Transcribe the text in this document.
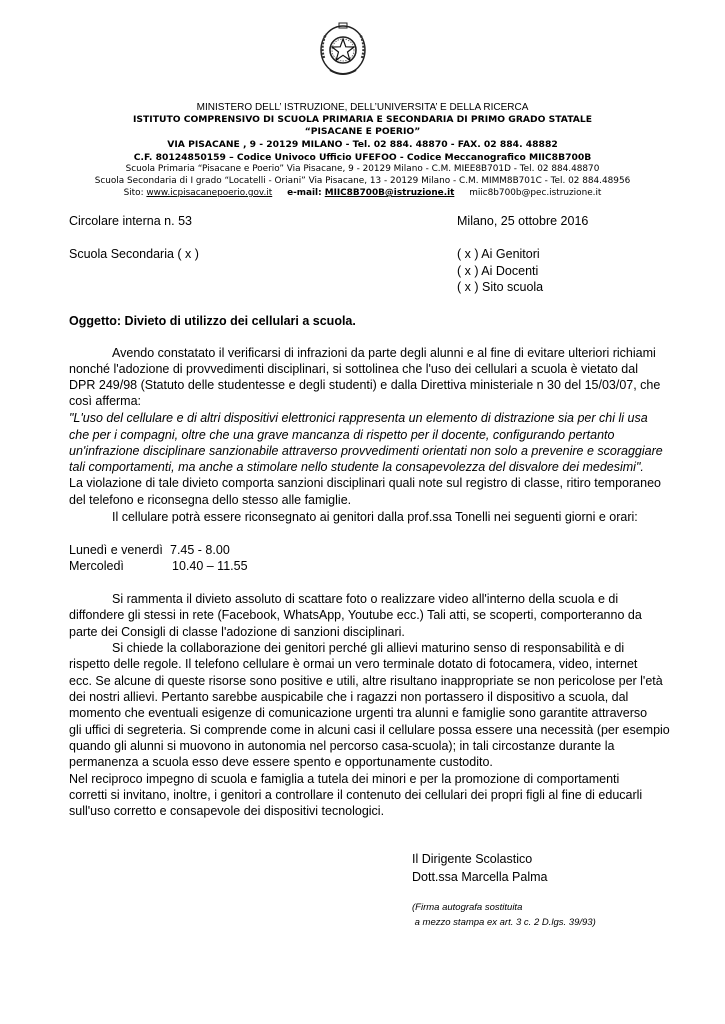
MINISTERO DELL’ ISTRUZIONE, DELL’UNIVERSITA’ E DELLA RICERCA
ISTITUTO COMPRENSIVO DI SCUOLA PRIMARIA E SECONDARIA DI PRIMO GRADO STATALE
“PISACANE E POERIO”
VIA PISACANE , 9 - 20129 MILANO - Tel. 02 884. 48870 - FAX. 02 884. 48882
C.F. 80124850159 – Codice Univoco Ufficio UFEFOO - Codice Meccanografico MIIC8B700B
Scuola Primaria “Pisacane e Poerio” Via Pisacane, 9 - 20129 Milano - C.M. MIEE8B701D - Tel. 02 884.48870
Scuola Secondaria di I grado “Locatelli - Oriani” Via Pisacane, 13 - 20129 Milano - C.M. MIMM8B701C - Tel. 02 884.48956
Sito: www.icpisacanepoerio.gov.it e-mail: MIIC8B700B@istruzione.it miic8b700b@pec.istruzione.it
Circolare interna n. 53	Milano, 25 ottobre 2016
Scuola Secondaria ( x )	( x ) Ai Genitori
( x ) Ai Docenti
( x ) Sito scuola
Oggetto: Divieto di utilizzo dei cellulari a scuola.
Avendo constatato il verificarsi di infrazioni da parte degli alunni e al fine di evitare ulteriori richiami
nonché l'adozione di provvedimenti disciplinari, si sottolinea che l'uso dei cellulari a scuola è vietato dal
DPR 249/98 (Statuto delle studentesse e degli studenti) e dalla Direttiva ministeriale n 30 del 15/03/07, che
così afferma:
"L'uso del cellulare e di altri dispositivi elettronici rappresenta un elemento di distrazione sia per chi li usa
che per i compagni, oltre che una grave mancanza di rispetto per il docente, configurando pertanto
un'infrazione disciplinare sanzionabile attraverso provvedimenti orientati non solo a prevenire e scoraggiare
tali comportamenti, ma anche a stimolare nello studente la consapevolezza del disvalore dei medesimi".
La violazione di tale divieto comporta sanzioni disciplinari quali note sul registro di classe, ritiro temporaneo
del telefono e riconsegna dello stesso alle famiglie.
Il cellulare potrà essere riconsegnato ai genitori dalla prof.ssa Tonelli nei seguenti giorni e orari:
Lunedì e venerdì 7.45 - 8.00
Mercoledì	10.40 – 11.55
Si rammenta il divieto assoluto di scattare foto o realizzare video all'interno della scuola e di
diffondere gli stessi in rete (Facebook, WhatsApp, Youtube ecc.) Tali atti, se scoperti, comporteranno da
parte dei Consigli di classe l'adozione di sanzioni disciplinari.
Si chiede la collaborazione dei genitori perché gli allievi maturino senso di responsabilità e di
rispetto delle regole. Il telefono cellulare è ormai un vero terminale dotato di fotocamera, video, internet
ecc. Se alcune di queste risorse sono positive e utili, altre risultano inappropriate se non pericolose per l'età
dei nostri allievi. Pertanto sarebbe auspicabile che i ragazzi non portassero il dispositivo a scuola, dal
momento che eventuali esigenze di comunicazione urgenti tra alunni e famiglie sono garantite attraverso
gli uffici di segreteria. Si comprende come in alcuni casi il cellulare possa essere una necessità (per esempio
quando gli alunni si muovono in autonomia nel percorso casa-scuola); in tali circostanze durante la
permanenza a scuola esso deve essere spento e opportunamente custodito.
Nel reciproco impegno di scuola e famiglia a tutela dei minori e per la promozione di comportamenti
corretti si invitano, inoltre, i genitori a controllare il contenuto dei cellulari dei propri figli al fine di educarli
sull'uso corretto e consapevole dei dispositivi tecnologici.
Il Dirigente Scolastico
Dott.ssa Marcella Palma
(Firma autografa sostituita
a mezzo stampa ex art. 3 c. 2 D.lgs. 39/93)
